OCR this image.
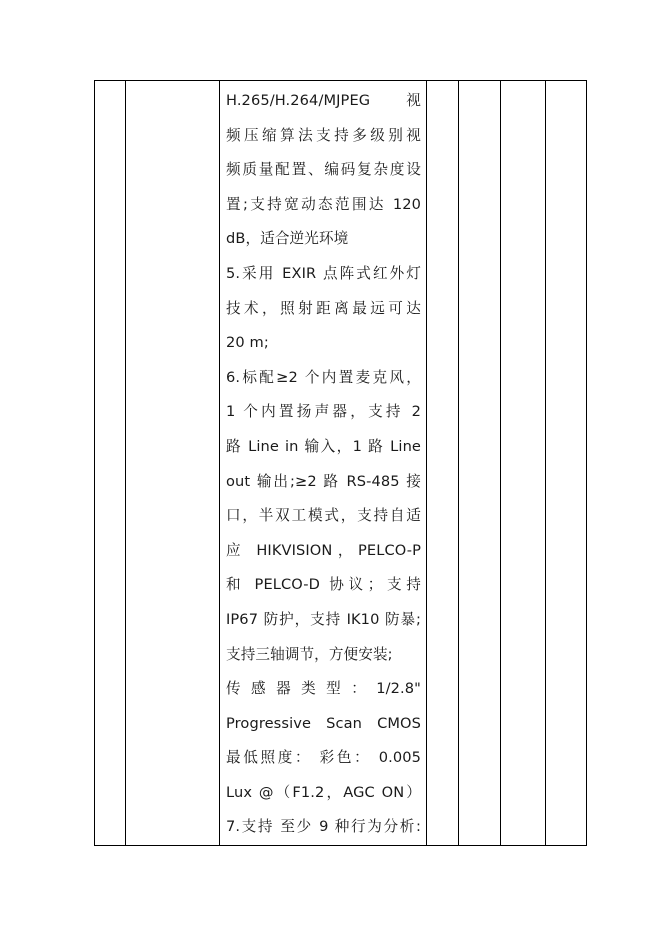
H.265/H.264/MJPEG 视
频压缩算法支持多级别视
频质量配置、编码复杂度设
置;支持宽动态范围达 120
dB，适合逆光环境
5.采用 EXIR 点阵式红外灯
技术，照射距离最远可达
20 m;
6.标配≥2 个内置麦克风，
1 个内置扬声器，支持 2
路 Line in 输入，1 路 Line
out 输出;≥2 路 RS-485 接
口，半双工模式，支持自适
应 HIKVISION，PELCO-P
和 PELCO-D 协议；支持
IP67 防护，支持 IK10 防暴;
支持三轴调节，方便安装;
传 感 器 类 型 ： 1/2.8"
Progressive Scan CMOS
最低照度： 彩色： 0.005
Lux @（F1.2，AGC ON）
7.支持 至少 9 种行为分析:
